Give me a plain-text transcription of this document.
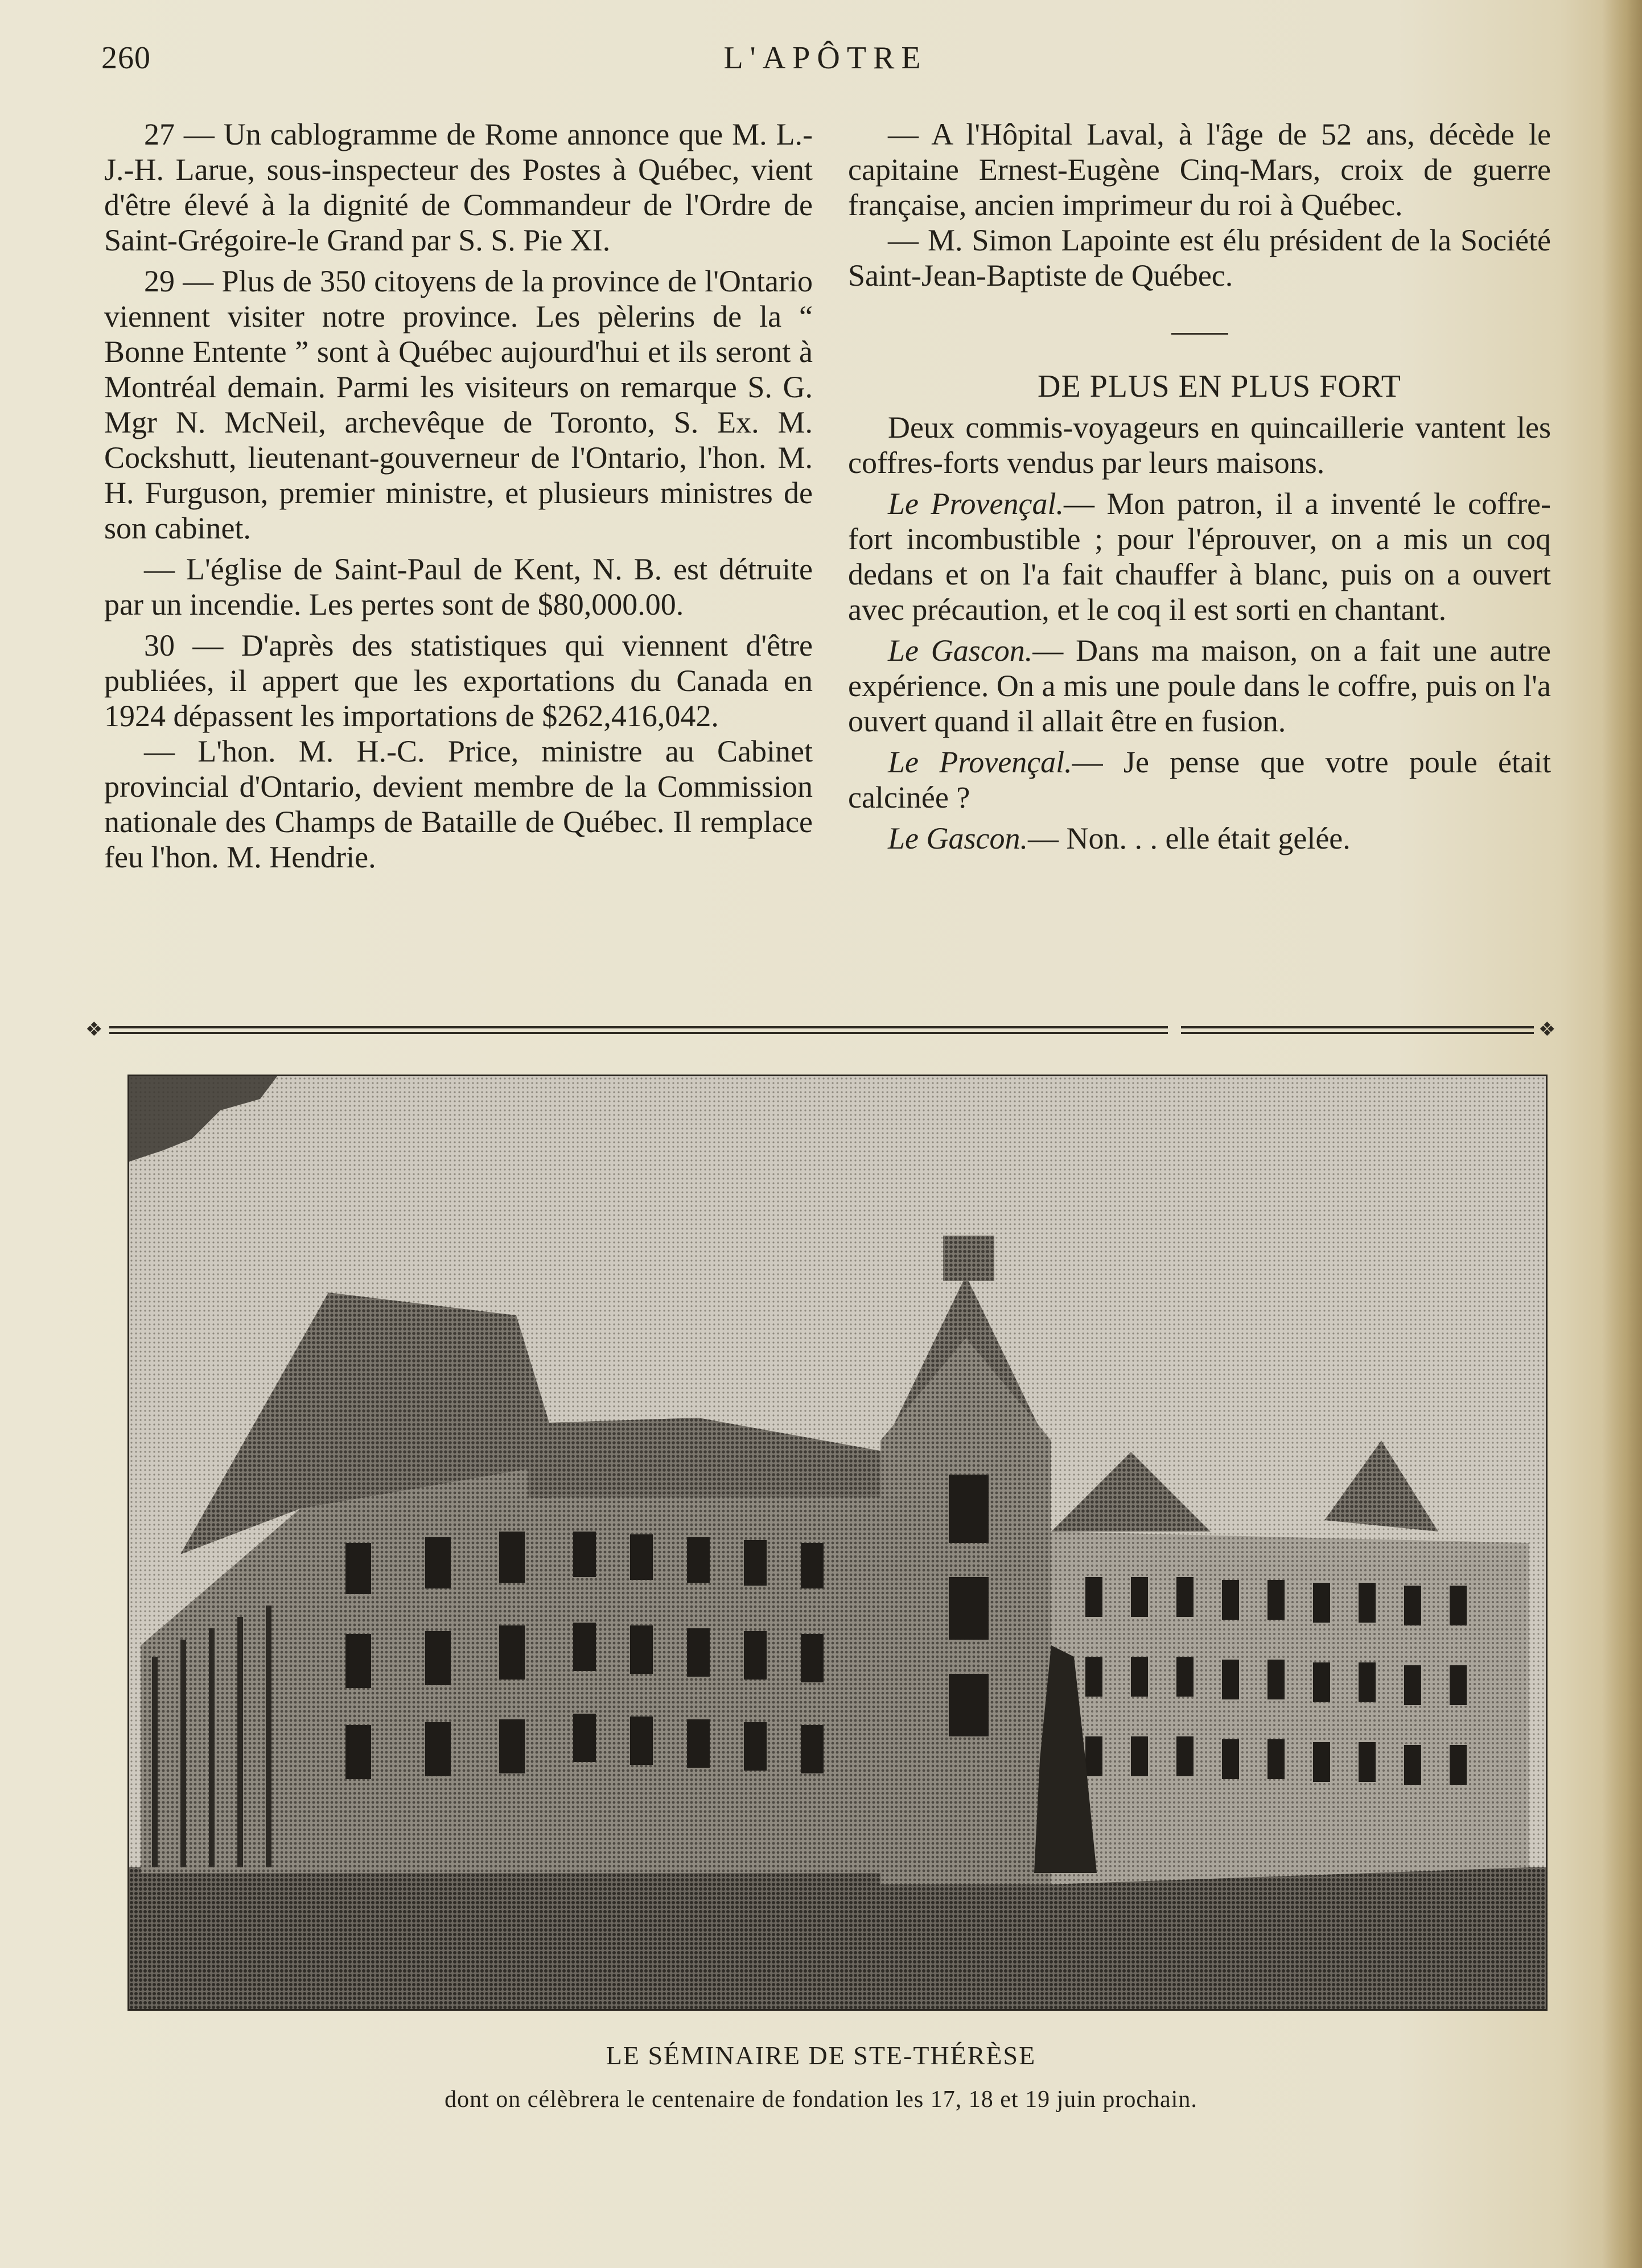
260	L'APÔTRE

27 — Un cablogramme de Rome annonce que M. L.-J.-H. Larue, sous-inspecteur des Postes à Québec, vient d'être élevé à la dignité de Commandeur de l'Ordre de Saint-Grégoire-le Grand par S. S. Pie XI.

29 — Plus de 350 citoyens de la province de l'Ontario viennent visiter notre province. Les pèlerins de la “ Bonne Entente ” sont à Québec aujourd'hui et ils seront à Montréal demain. Parmi les visiteurs on remarque S. G. Mgr N. McNeil, archevêque de Toronto, S. Ex. M. Cockshutt, lieutenant-gouverneur de l'Ontario, l'hon. M. H. Furguson, premier ministre, et plusieurs ministres de son cabinet.

— L'église de Saint-Paul de Kent, N. B. est détruite par un incendie. Les pertes sont de $80,000.00.

30 — D'après des statistiques qui viennent d'être publiées, il appert que les exportations du Canada en 1924 dépassent les importations de $262,416,042.

— L'hon. M. H.-C. Price, ministre au Cabinet provincial d'Ontario, devient membre de la Commission nationale des Champs de Bataille de Québec. Il remplace feu l'hon. M. Hendrie.

— A l'Hôpital Laval, à l'âge de 52 ans, décède le capitaine Ernest-Eugène Cinq-Mars, croix de guerre française, ancien imprimeur du roi à Québec.

— M. Simon Lapointe est élu président de la Société Saint-Jean-Baptiste de Québec.

DE PLUS EN PLUS FORT

Deux commis-voyageurs en quincaillerie vantent les coffres-forts vendus par leurs maisons.

Le Provençal.— Mon patron, il a inventé le coffre-fort incombustible ; pour l'éprouver, on a mis un coq dedans et on l'a fait chauffer à blanc, puis on a ouvert avec précaution, et le coq il est sorti en chantant.

Le Gascon.— Dans ma maison, on a fait une autre expérience. On a mis une poule dans le coffre, puis on l'a ouvert quand il allait être en fusion.

Le Provençal.— Je pense que votre poule était calcinée ?

Le Gascon.— Non. . . elle était gelée.

❖	❖
LE SÉMINAIRE DE STE-THÉRÈSE
dont on célèbrera le centenaire de fondation les 17, 18 et 19 juin prochain.
